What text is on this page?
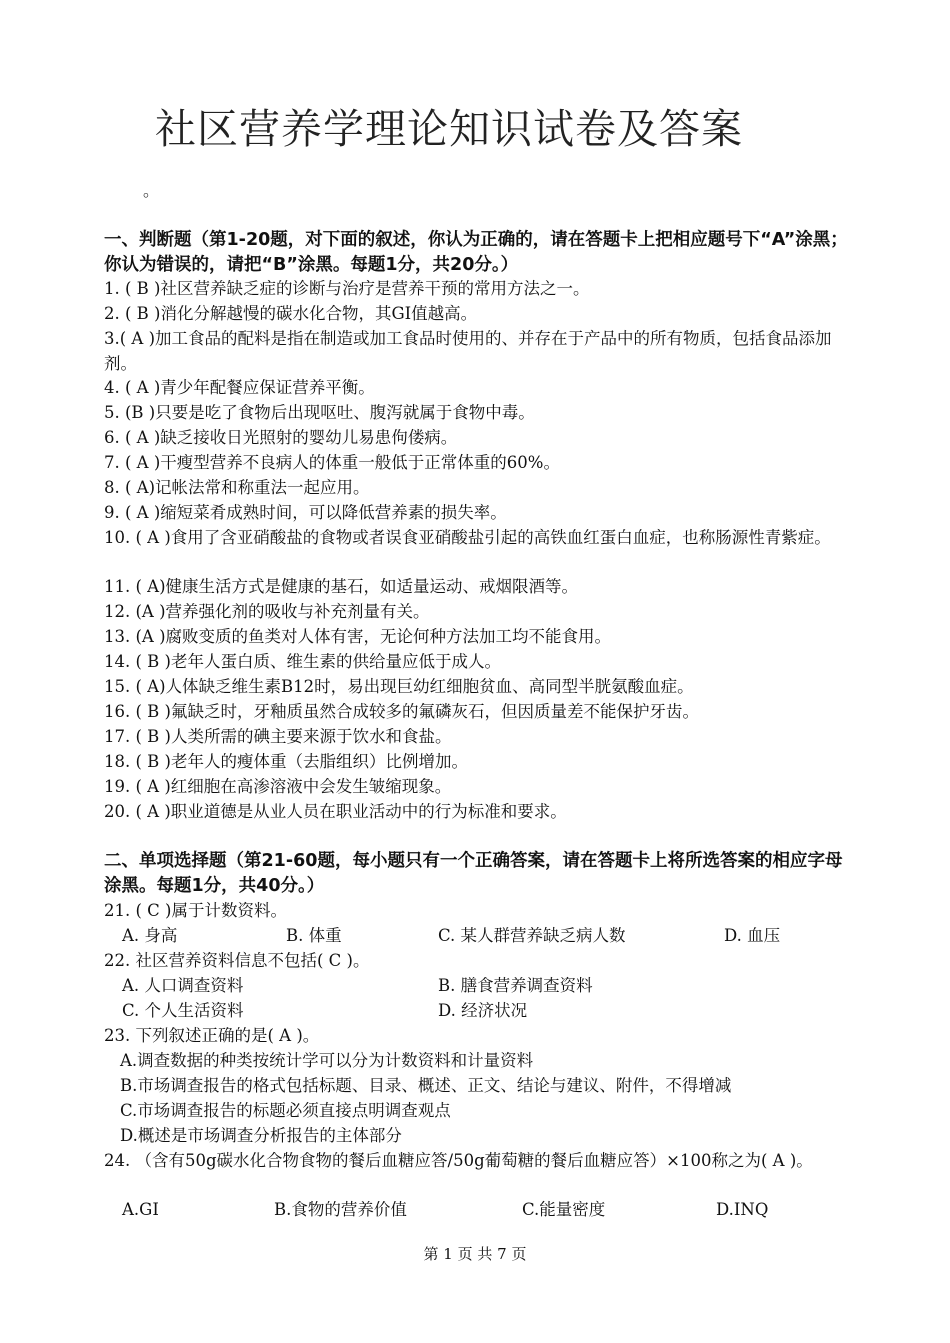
社区营养学理论知识试卷及答案
。
一、判断题（第1-20题，对下面的叙述，你认为正确的，请在答题卡上把相应题号下“A”涂黑；你认为错误的，请把“B”涂黑。每题1分，共20分。）
1. ( B )社区营养缺乏症的诊断与治疗是营养干预的常用方法之一。
2. ( B )消化分解越慢的碳水化合物，其GI值越高。
3.( A )加工食品的配料是指在制造或加工食品时使用的、并存在于产品中的所有物质，包括食品添加剂。
4. ( A )青少年配餐应保证营养平衡。
5. (B )只要是吃了食物后出现呕吐、腹泻就属于食物中毒。
6. ( A )缺乏接收日光照射的婴幼儿易患佝偻病。
7. ( A )干瘦型营养不良病人的体重一般低于正常体重的60%。
8. ( A)记帐法常和称重法一起应用。
9. ( A )缩短菜肴成熟时间，可以降低营养素的损失率。
10. ( A )食用了含亚硝酸盐的食物或者误食亚硝酸盐引起的高铁血红蛋白血症，也称肠源性青紫症。
11. ( A)健康生活方式是健康的基石，如适量运动、戒烟限酒等。
12. (A )营养强化剂的吸收与补充剂量有关。
13. (A )腐败变质的鱼类对人体有害，无论何种方法加工均不能食用。
14. ( B )老年人蛋白质、维生素的供给量应低于成人。
15. ( A)人体缺乏维生素B12时，易出现巨幼红细胞贫血、高同型半胱氨酸血症。
16. ( B )氟缺乏时，牙釉质虽然合成较多的氟磷灰石，但因质量差不能保护牙齿。
17. ( B )人类所需的碘主要来源于饮水和食盐。
18. ( B )老年人的瘦体重（去脂组织）比例增加。
19. ( A )红细胞在高渗溶液中会发生皱缩现象。
20. ( A )职业道德是从业人员在职业活动中的行为标准和要求。
二、单项选择题（第21-60题，每小题只有一个正确答案，请在答题卡上将所选答案的相应字母涂黑。每题1分，共40分。）
21. ( C )属于计数资料。
A. 身高	B. 体重	C. 某人群营养缺乏病人数	D. 血压
22. 社区营养资料信息不包括( C )。
A. 人口调查资料	B. 膳食营养调查资料
C. 个人生活资料	D. 经济状况
23. 下列叙述正确的是( A )。
A.调查数据的种类按统计学可以分为计数资料和计量资料
B.市场调查报告的格式包括标题、目录、概述、正文、结论与建议、附件，不得增减
C.市场调查报告的标题必须直接点明调查观点
D.概述是市场调查分析报告的主体部分
24. （含有50g碳水化合物食物的餐后血糖应答/50g葡萄糖的餐后血糖应答）×100称之为( A )。
A.GI	B.食物的营养价值	C.能量密度	D.INQ
第 1 页 共 7 页
